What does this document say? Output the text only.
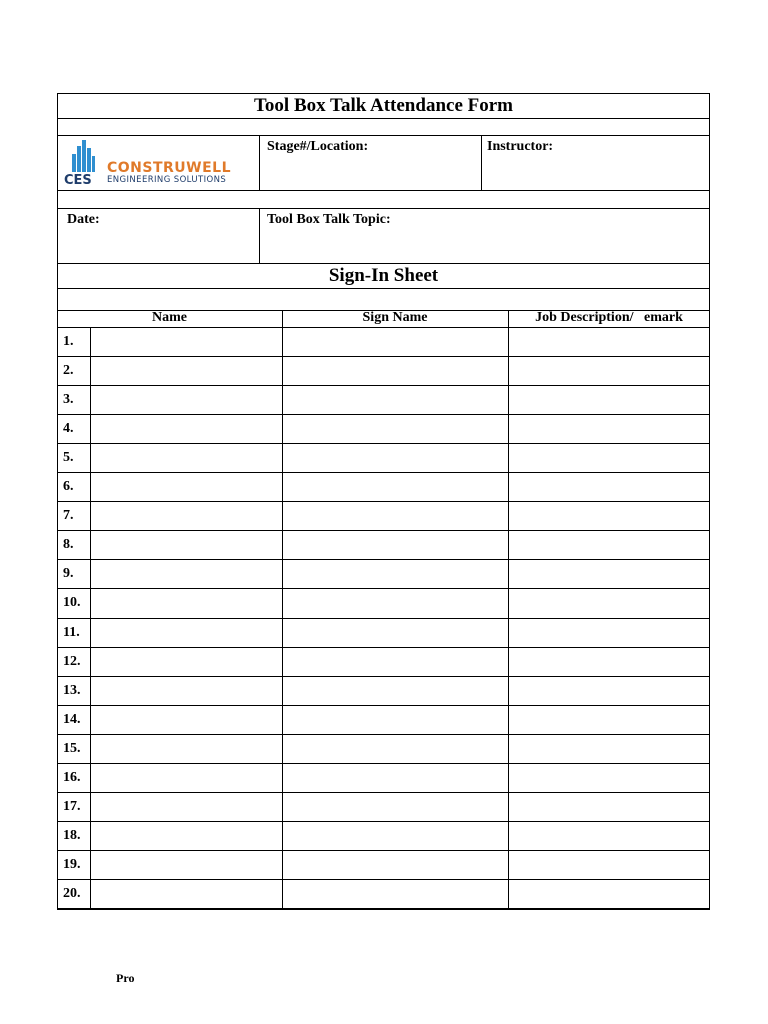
Tool Box Talk Attendance Form
CES
CONSTRUWELL
ENGINEERING SOLUTIONS
Stage#/Location:	Instructor:
Date:	Tool Box Talk Topic:
Sign-In Sheet
Name	Sign Name	Job Description/   emark
1.
2.
3.
4.
5.
6.
7.
8.
9.
10.
11.
12.
13.
14.
15.
16.
17.
18.
19.
20.
Pro
